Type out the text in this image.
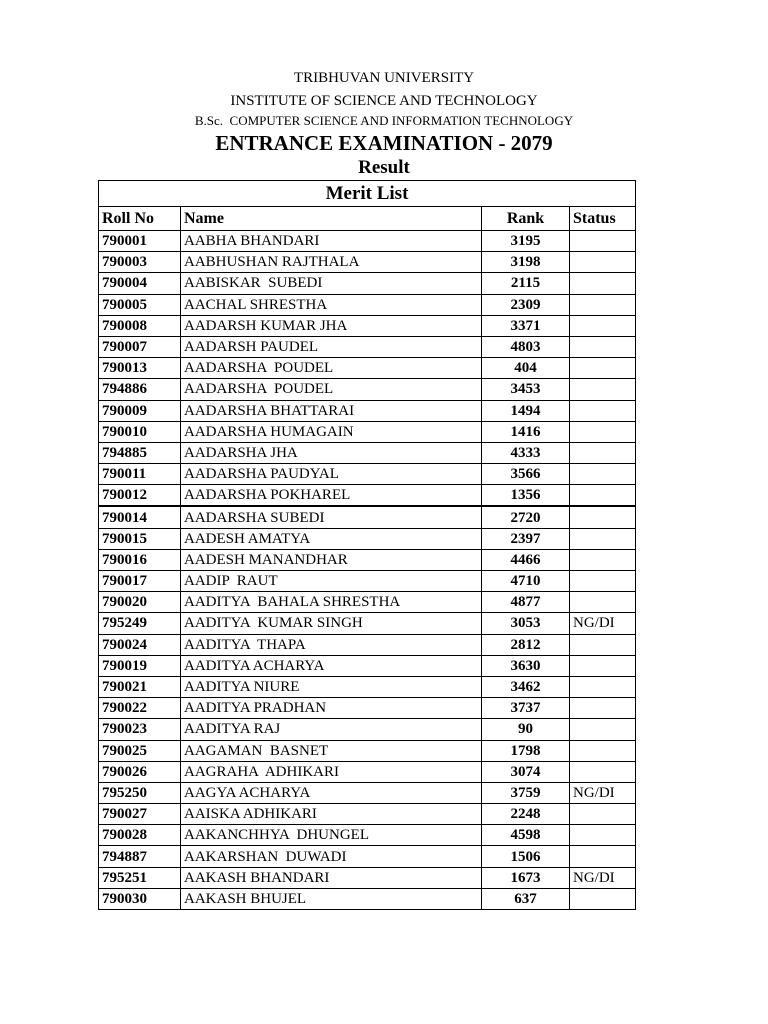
TRIBHUVAN UNIVERSITY
INSTITUTE OF SCIENCE AND TECHNOLOGY
B.Sc.  COMPUTER SCIENCE AND INFORMATION TECHNOLOGY
ENTRANCE EXAMINATION - 2079
Result
Merit List			
Roll No	Name	Rank	Status
790001	AABHA BHANDARI	3195	
790003	AABHUSHAN RAJTHALA	3198	
790004	AABISKAR  SUBEDI	2115	
790005	AACHAL SHRESTHA	2309	
790008	AADARSH KUMAR JHA	3371	
790007	AADARSH PAUDEL	4803	
790013	AADARSHA  POUDEL	404	
794886	AADARSHA  POUDEL	3453	
790009	AADARSHA BHATTARAI	1494	
790010	AADARSHA HUMAGAIN	1416	
794885	AADARSHA JHA	4333	
790011	AADARSHA PAUDYAL	3566	
790012	AADARSHA POKHAREL	1356	
790014	AADARSHA SUBEDI	2720	
790015	AADESH AMATYA	2397	
790016	AADESH MANANDHAR	4466	
790017	AADIP  RAUT	4710	
790020	AADITYA  BAHALA SHRESTHA	4877	
795249	AADITYA  KUMAR SINGH	3053	NG/DI
790024	AADITYA  THAPA	2812	
790019	AADITYA ACHARYA	3630	
790021	AADITYA NIURE	3462	
790022	AADITYA PRADHAN	3737	
790023	AADITYA RAJ	90	
790025	AAGAMAN  BASNET	1798	
790026	AAGRAHA  ADHIKARI	3074	
795250	AAGYA ACHARYA	3759	NG/DI
790027	AAISKA ADHIKARI	2248	
790028	AAKANCHHYA  DHUNGEL	4598	
794887	AAKARSHAN  DUWADI	1506	
795251	AAKASH BHANDARI	1673	NG/DI
790030	AAKASH BHUJEL	637	
